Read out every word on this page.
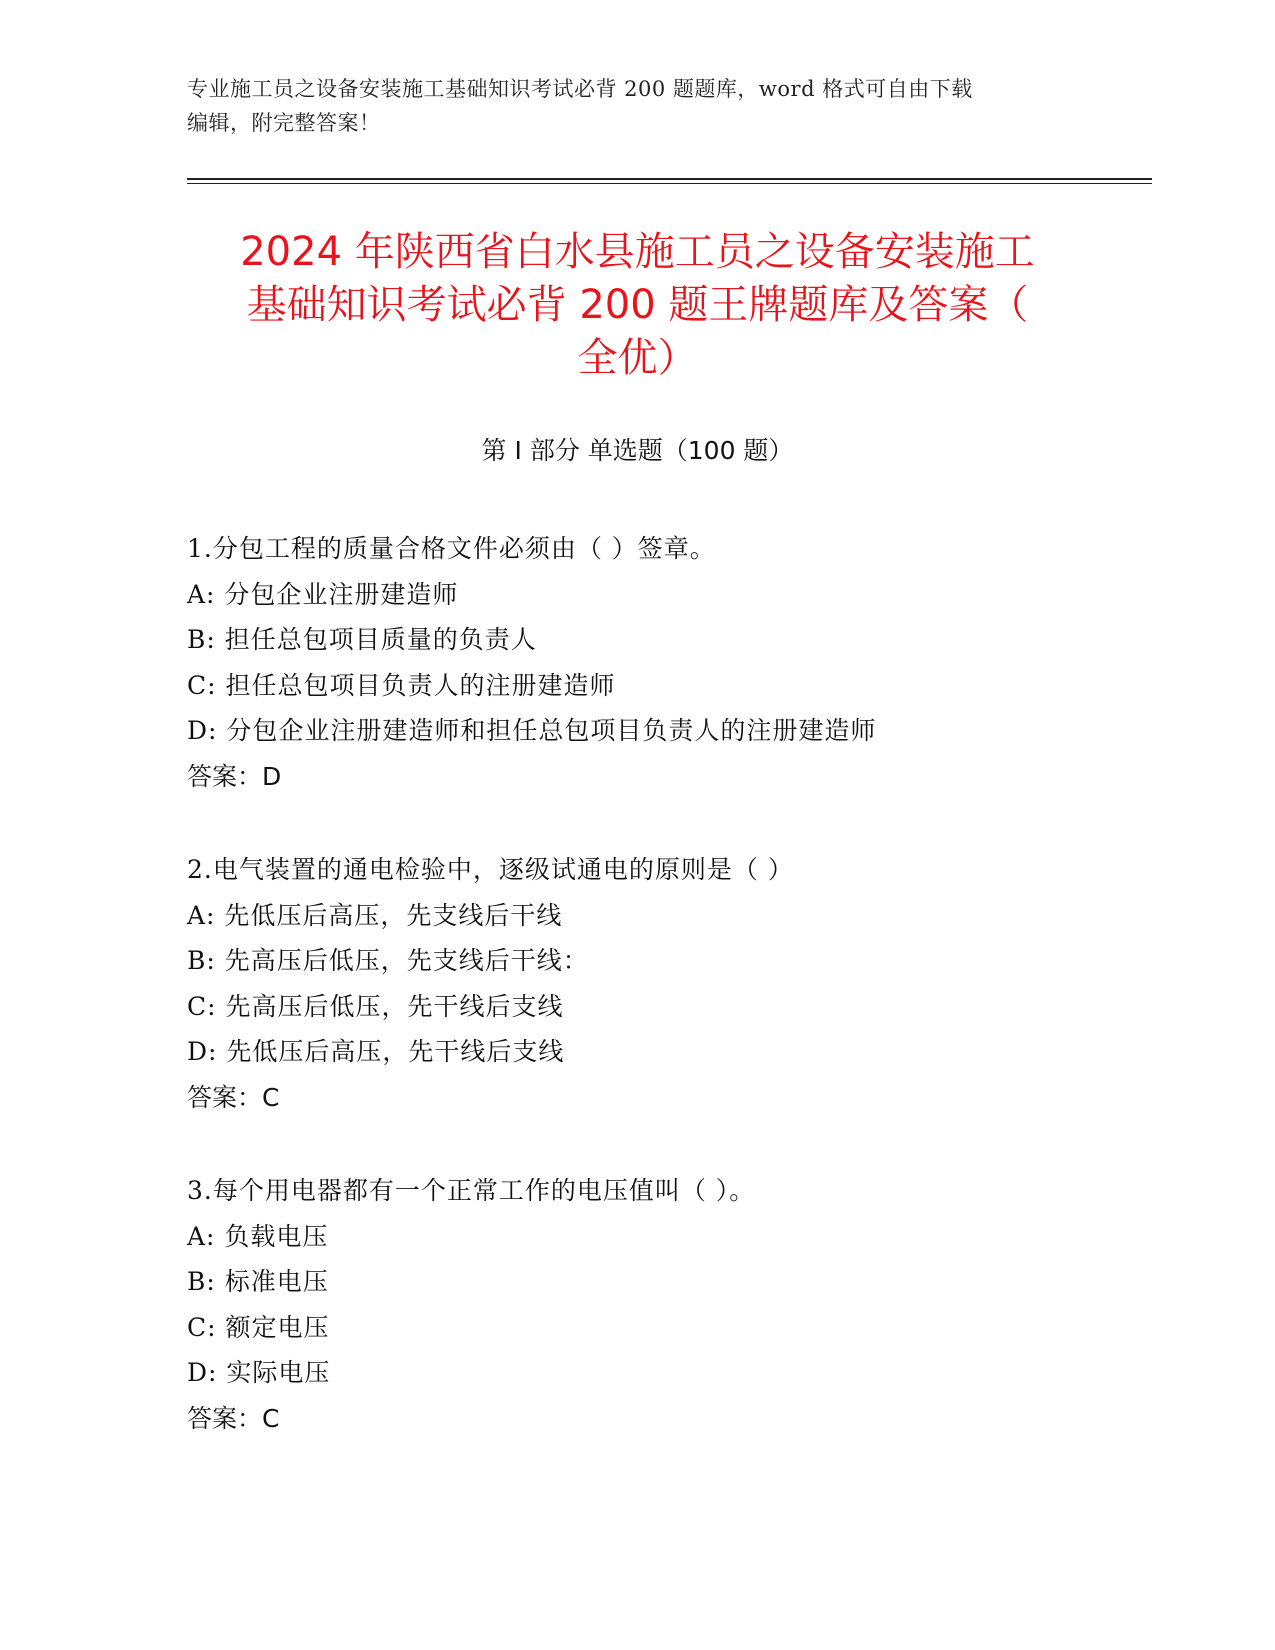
专业施工员之设备安装施工基础知识考试必背 200 题题库，word 格式可自由下载
编辑，附完整答案！
2024 年陕西省白水县施工员之设备安装施工
基础知识考试必背 200 题王牌题库及答案（
全优）
第 I 部分 单选题（100 题）
1.分包工程的质量合格文件必须由（ ）签章。
A: 分包企业注册建造师
B: 担任总包项目质量的负责人
C: 担任总包项目负责人的注册建造师
D: 分包企业注册建造师和担任总包项目负责人的注册建造师
答案：D
2.电气装置的通电检验中，逐级试通电的原则是（ ）
A: 先低压后高压，先支线后干线
B: 先高压后低压，先支线后干线：
C: 先高压后低压，先干线后支线
D: 先低压后高压，先干线后支线
答案：C
3.每个用电器都有一个正常工作的电压值叫（ ）。
A: 负载电压
B: 标准电压
C: 额定电压
D: 实际电压
答案：C
